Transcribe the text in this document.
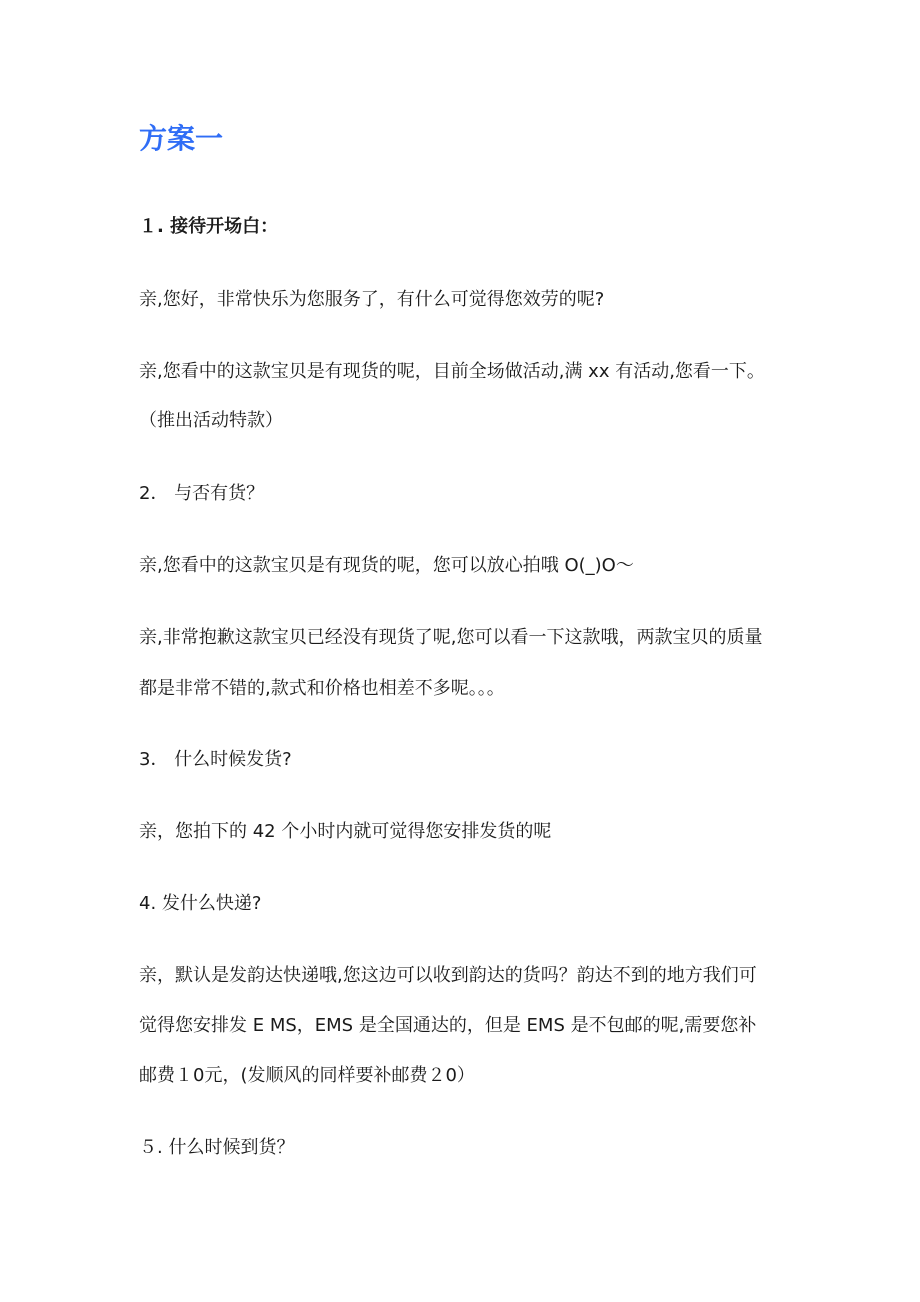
方案一
１. 接待开场白：
亲,您好，非常快乐为您服务了，有什么可觉得您效劳的呢?
亲,您看中的这款宝贝是有现货的呢，目前全场做活动,满 xx 有活动,您看一下。
（推出活动特款）
2． 与否有货？
亲,您看中的这款宝贝是有现货的呢，您可以放心拍哦 O(_)O～
亲,非常抱歉这款宝贝已经没有现货了呢,您可以看一下这款哦，两款宝贝的质量
都是非常不错的,款式和价格也相差不多呢。。。
3． 什么时候发货?
亲，您拍下的 42 个小时内就可觉得您安排发货的呢
4. 发什么快递?
亲，默认是发韵达快递哦,您这边可以收到韵达的货吗？韵达不到的地方我们可
觉得您安排发 E MS，EMS 是全国通达的，但是 EMS 是不包邮的呢,需要您补
邮费１0元，(发顺风的同样要补邮费２0）
５. 什么时候到货？
